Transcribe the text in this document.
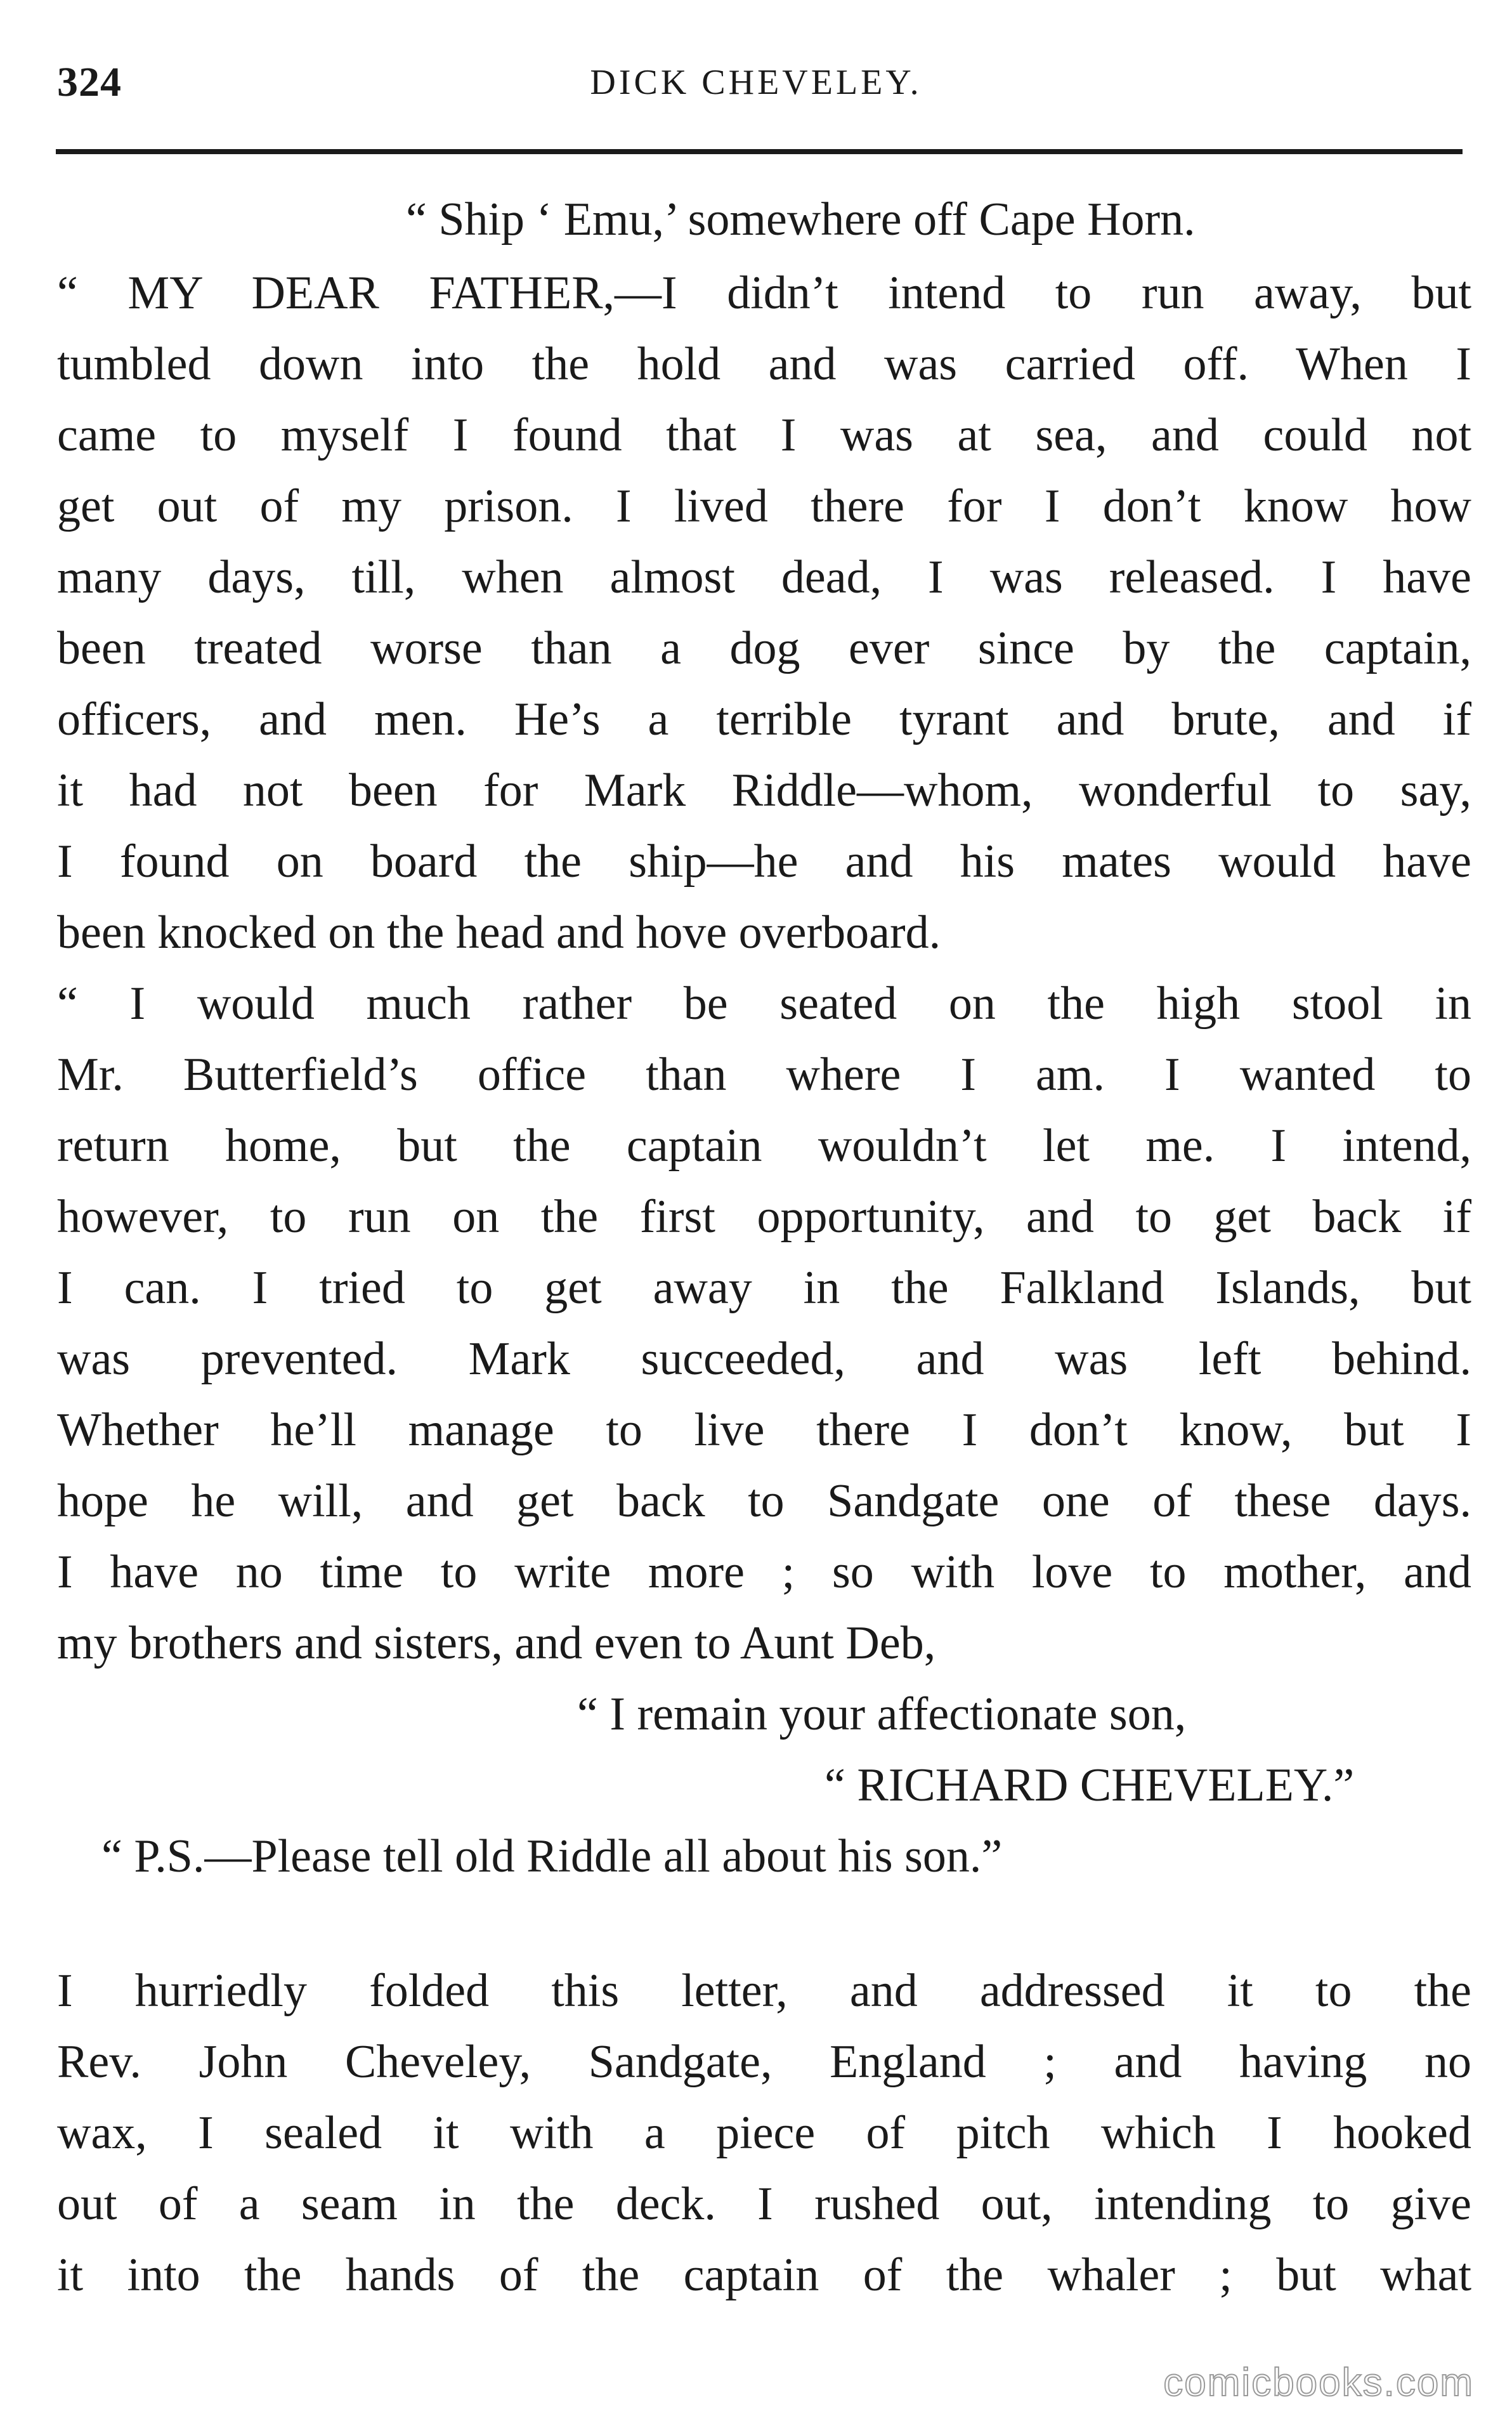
324	DICK CHEVELEY.
“ Ship ‘ Emu,’ somewhere off Cape Horn.
“ MY DEAR FATHER,—I didn’t intend to run away, but
tumbled down into the hold and was carried off. When I
came to myself I found that I was at sea, and could not
get out of my prison. I lived there for I don’t know how
many days, till, when almost dead, I was released. I have
been treated worse than a dog ever since by the captain,
officers, and men. He’s a terrible tyrant and brute, and if
it had not been for Mark Riddle—whom, wonderful to say,
I found on board the ship—he and his mates would have
been knocked on the head and hove overboard.
“ I would much rather be seated on the high stool in
Mr. Butterfield’s office than where I am. I wanted to
return home, but the captain wouldn’t let me. I intend,
however, to run on the first opportunity, and to get back if
I can. I tried to get away in the Falkland Islands, but
was prevented. Mark succeeded, and was left behind.
Whether he’ll manage to live there I don’t know, but I
hope he will, and get back to Sandgate one of these days.
I have no time to write more ; so with love to mother, and
my brothers and sisters, and even to Aunt Deb,
“ I remain your affectionate son,
“ RICHARD CHEVELEY.”
“ P.S.—Please tell old Riddle all about his son.”
I hurriedly folded this letter, and addressed it to the
Rev. John Cheveley, Sandgate, England ; and having no
wax, I sealed it with a piece of pitch which I hooked
out of a seam in the deck. I rushed out, intending to give
it into the hands of the captain of the whaler ; but what
comicbooks.com
